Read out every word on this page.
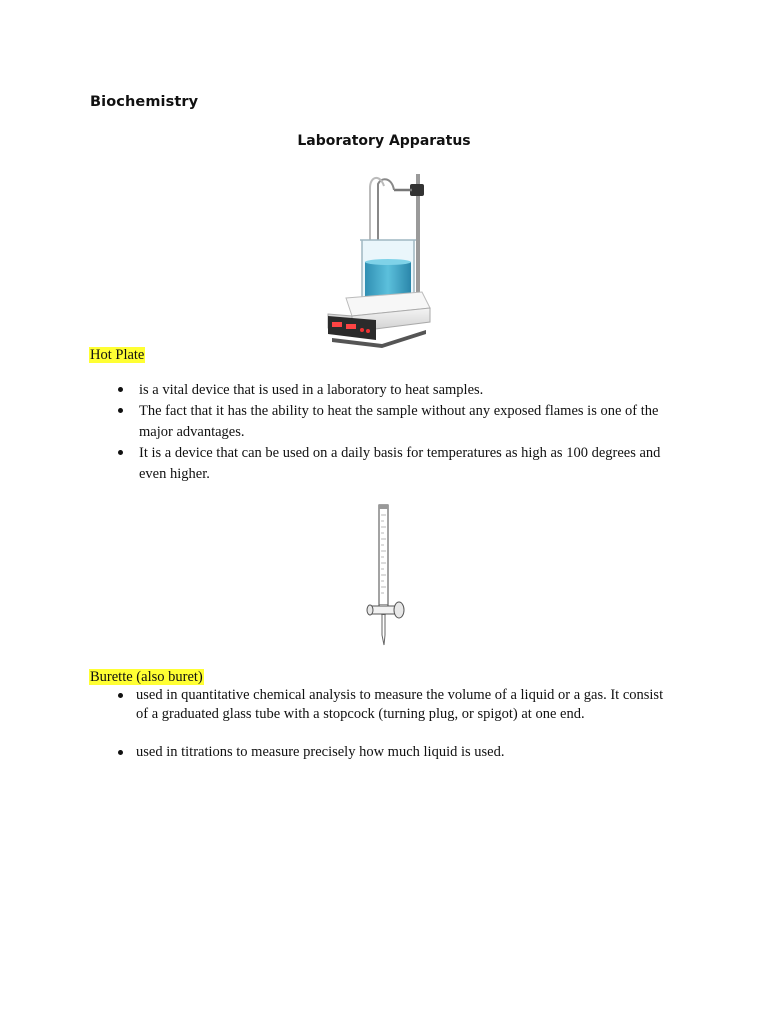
Biochemistry
Laboratory Apparatus
Hot Plate
is a vital device that is used in a laboratory to heat samples.
The fact that it has the ability to heat the sample without any exposed flames is one of the major advantages.
It is a device that can be used on a daily basis for temperatures as high as 100 degrees and even higher.
Burette (also buret)
used in quantitative chemical analysis to measure the volume of a liquid or a gas. It consist of a graduated glass tube with a stopcock (turning plug, or spigot) at one end.
used in titrations to measure precisely how much liquid is used.
